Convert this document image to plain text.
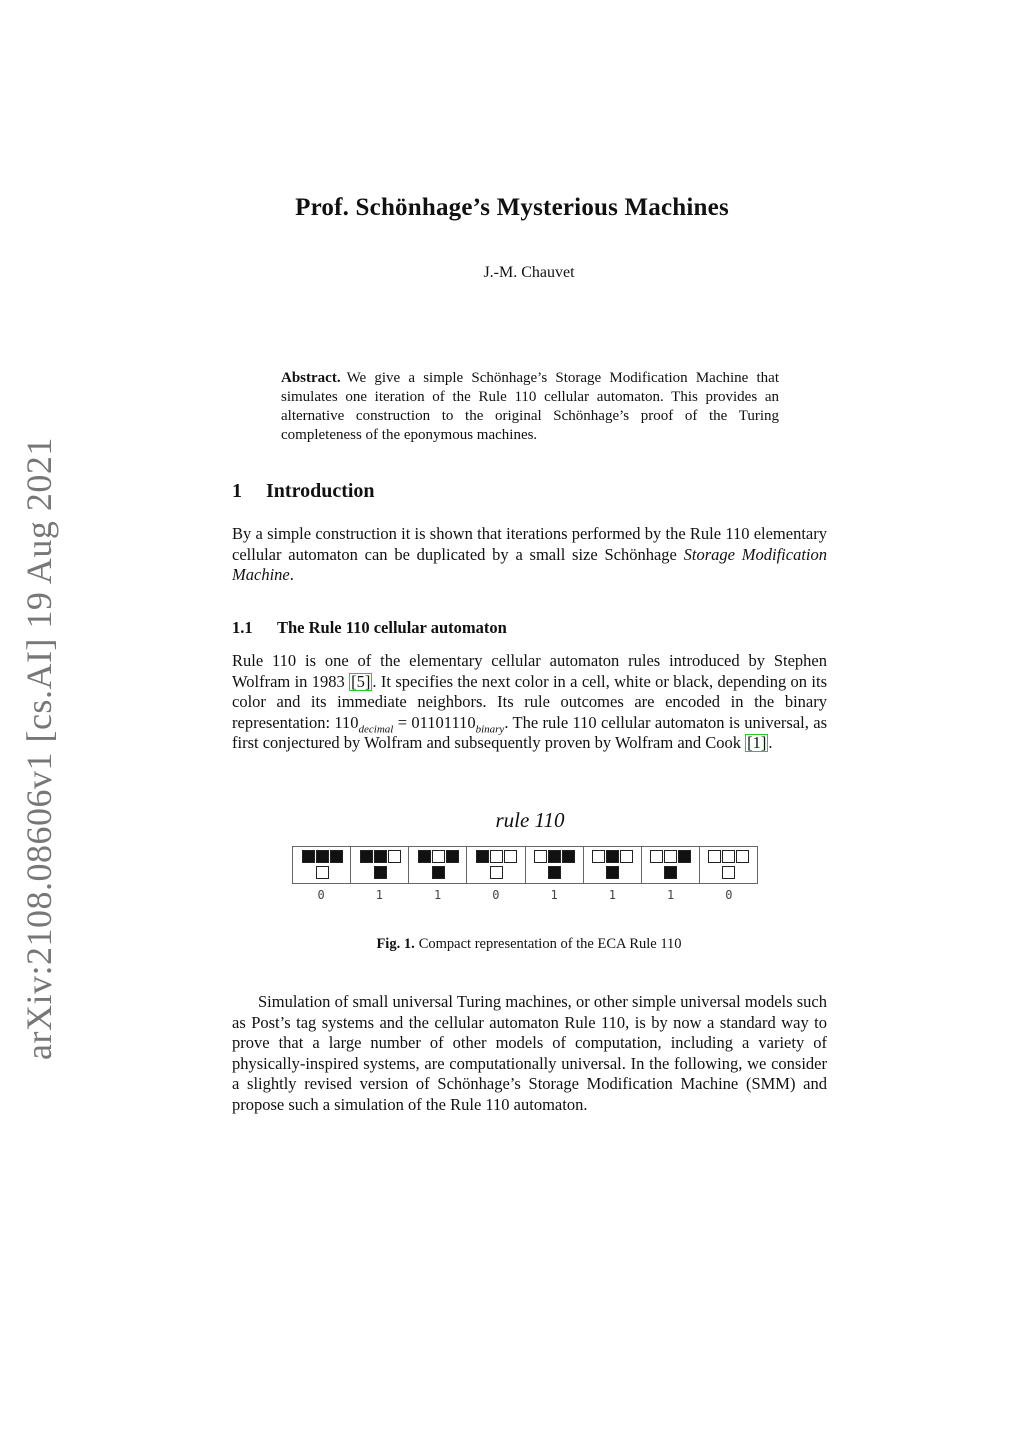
arXiv:2108.08606v1 [cs.AI] 19 Aug 2021
Prof. Schönhage’s Mysterious Machines
J.-M. Chauvet
Abstract. We give a simple Schönhage’s Storage Modification Machine that simulates one iteration of the Rule 110 cellular automaton. This provides an alternative construction to the original Schönhage’s proof of the Turing completeness of the eponymous machines.
1 Introduction
By a simple construction it is shown that iterations performed by the Rule 110 elementary cellular automaton can be duplicated by a small size Schönhage Storage Modification Machine.
1.1 The Rule 110 cellular automaton
Rule 110 is one of the elementary cellular automaton rules introduced by Stephen Wolfram in 1983 [5] . It specifies the next color in a cell, white or black, depending on its color and its immediate neighbors. Its rule outcomes are encoded in the binary representation: $110_{decimal} = 01101110_{binary}$. The rule 110 cellular automaton is universal, as first conjectured by Wolfram and subsequently proven by Wolfram and Cook [1] .
rule 110
0	1	1	0	1	1	1	0
Fig. 1. Compact representation of the ECA Rule 110
Simulation of small universal Turing machines, or other simple universal models such as Post’s tag systems and the cellular automaton Rule 110, is by now a standard way to prove that a large number of other models of computation, including a variety of physically-inspired systems, are computationally universal. In the following, we consider a slightly revised version of Schönhage’s Storage Modification Machine (SMM) and propose such a simulation of the Rule 110 automaton.
